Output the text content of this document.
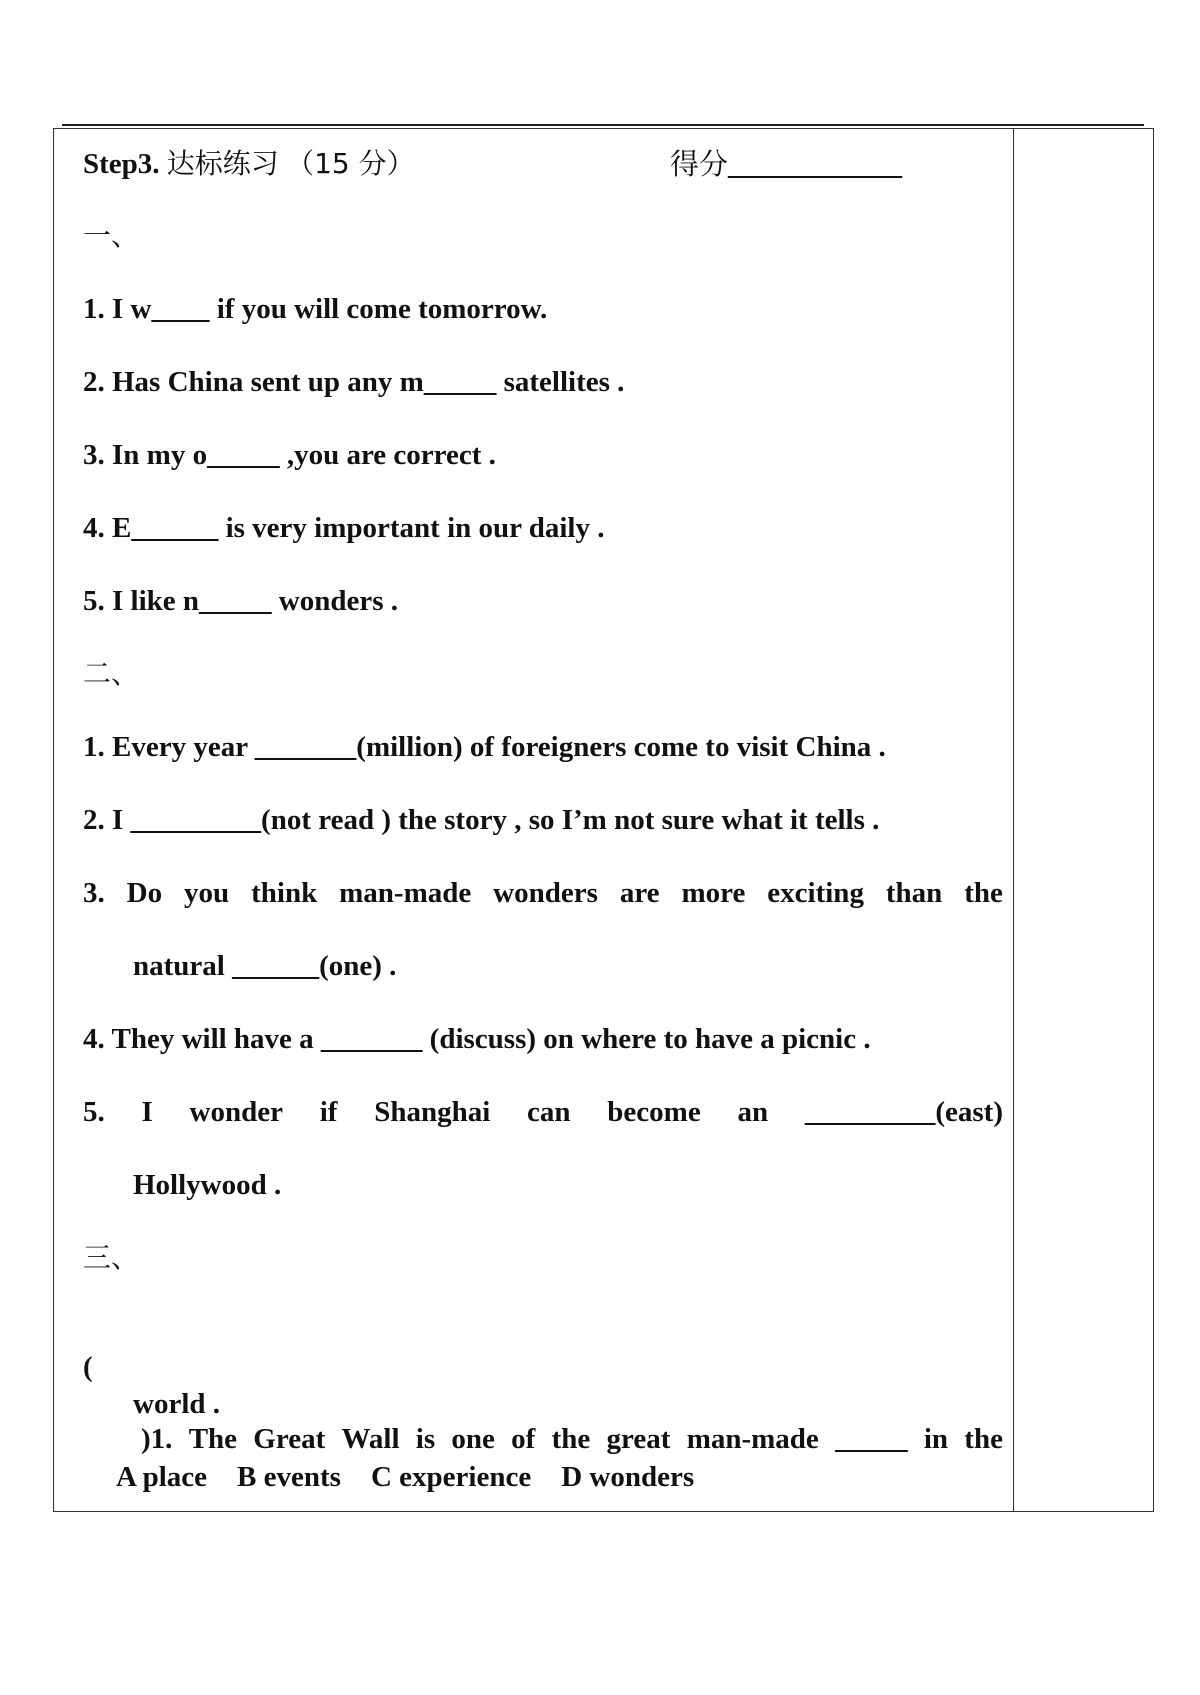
Step3. 达标练习 （15 分）	得分____________
一、
1. I w____ if you will come tomorrow.
2. Has China sent up any m_____ satellites .
3. In my o_____ ,you are correct .
4. E______ is very important in our daily .
5. I like n_____ wonders .
二、
1. Every year _______(million) of foreigners come to visit China .
2. I _________(not read ) the story , so I’m not sure what it tells .
3. Do you think man-made wonders are more exciting than the
natural ______(one) .
4. They will have a _______ (discuss) on where to have a picnic .
5. I wonder if Shanghai can become an _________(east)
Hollywood .
三、

(

)1. The Great Wall is one of the great man-made _____ in the

world .
A place B events C experience D wonders
